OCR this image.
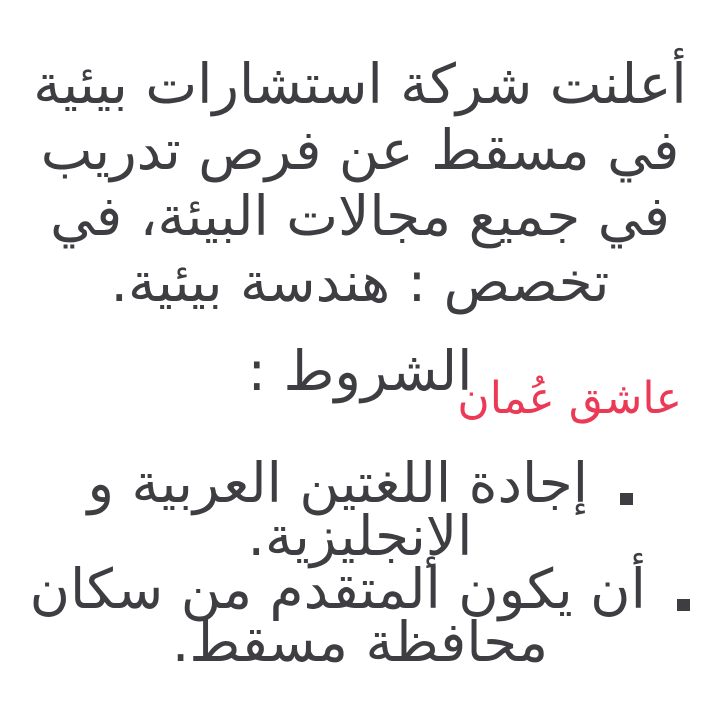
أعلنت شركة استشارات بيئية
في مسقط عن فرص تدريب
في جميع مجالات البيئة، في
تخصص : هندسة بيئية.
الشروط :
عاشق عُمان
إجادة اللغتين العربية و
الإنجليزية.
أن يكون المتقدم من سكان
محافظة مسقط.
